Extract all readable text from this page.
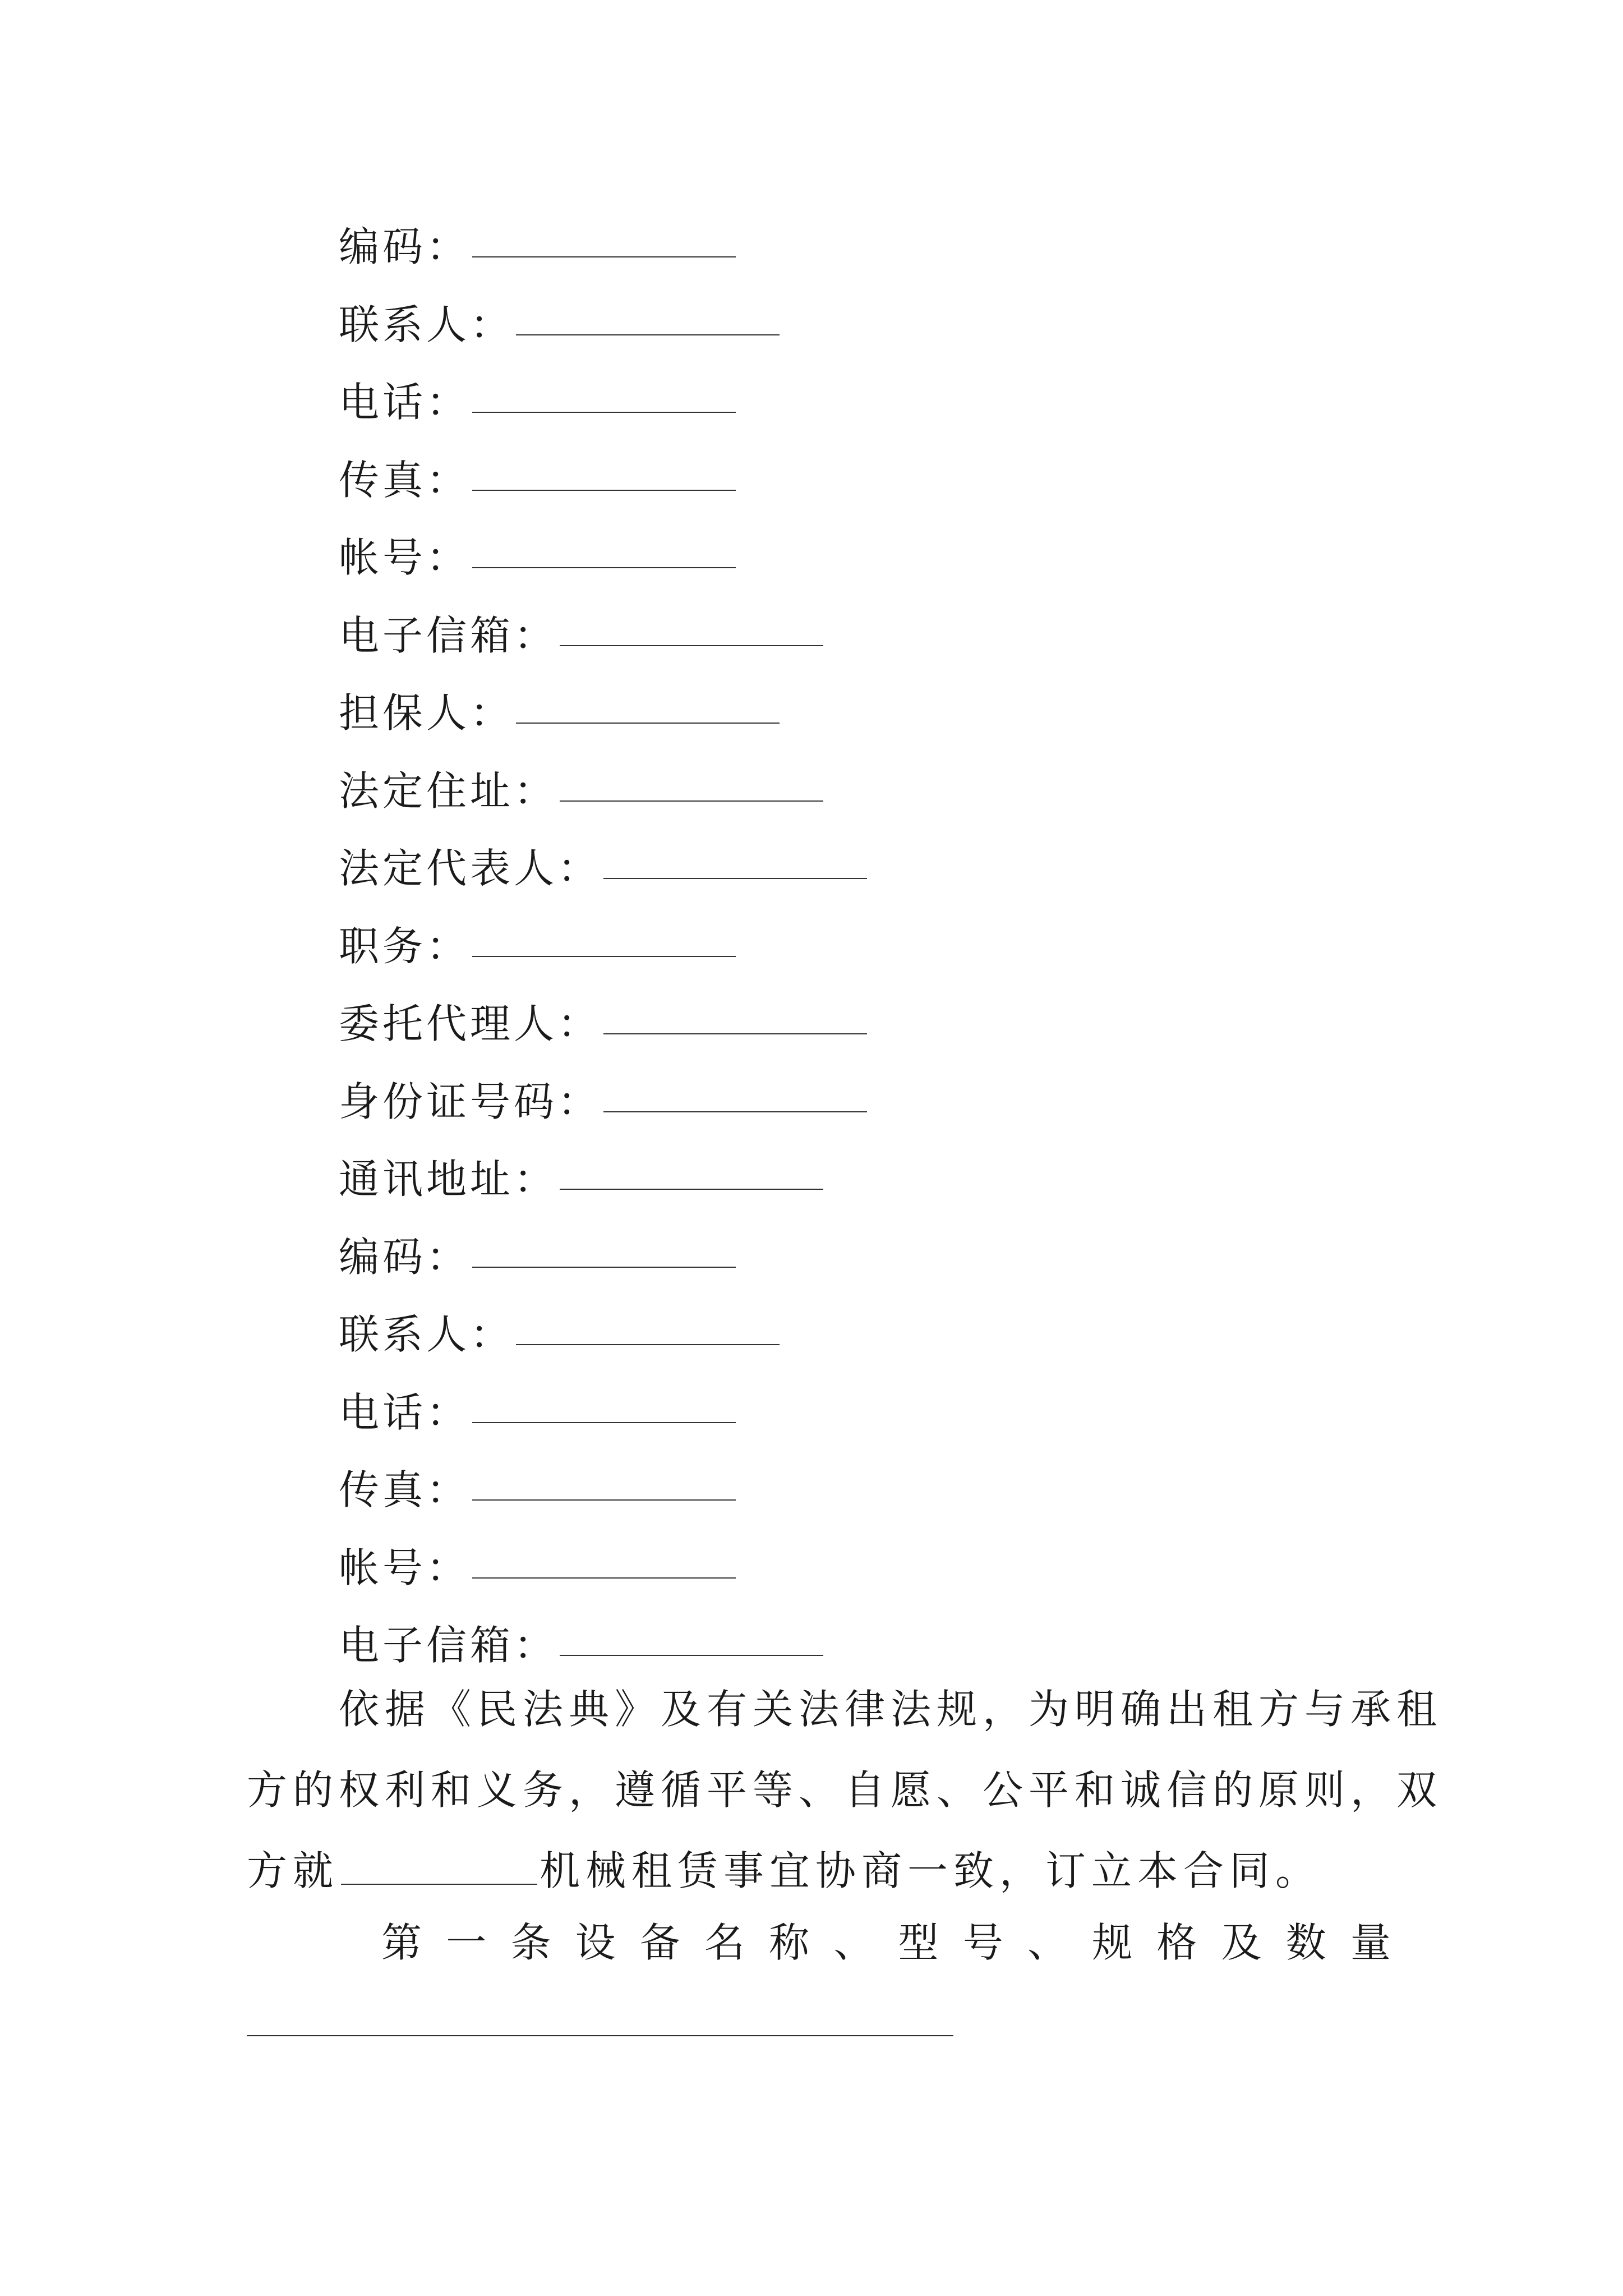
编码：
联系人：
电话：
传真：
帐号：
电子信箱：
担保人：
法定住址：
法定代表人：
职务：
委托代理人：
身份证号码：
通讯地址：
编码：
联系人：
电话：
传真：
帐号：
电子信箱：
依据《民法典》及有关法律法规，为明确出租方与承租
方的权利和义务，遵循平等、自愿、公平和诚信的原则，双
方就	机械租赁事宜协商一致，订立本合同。
第 一 条 设 备 名 称 、 型 号 、 规 格 及 数 量
